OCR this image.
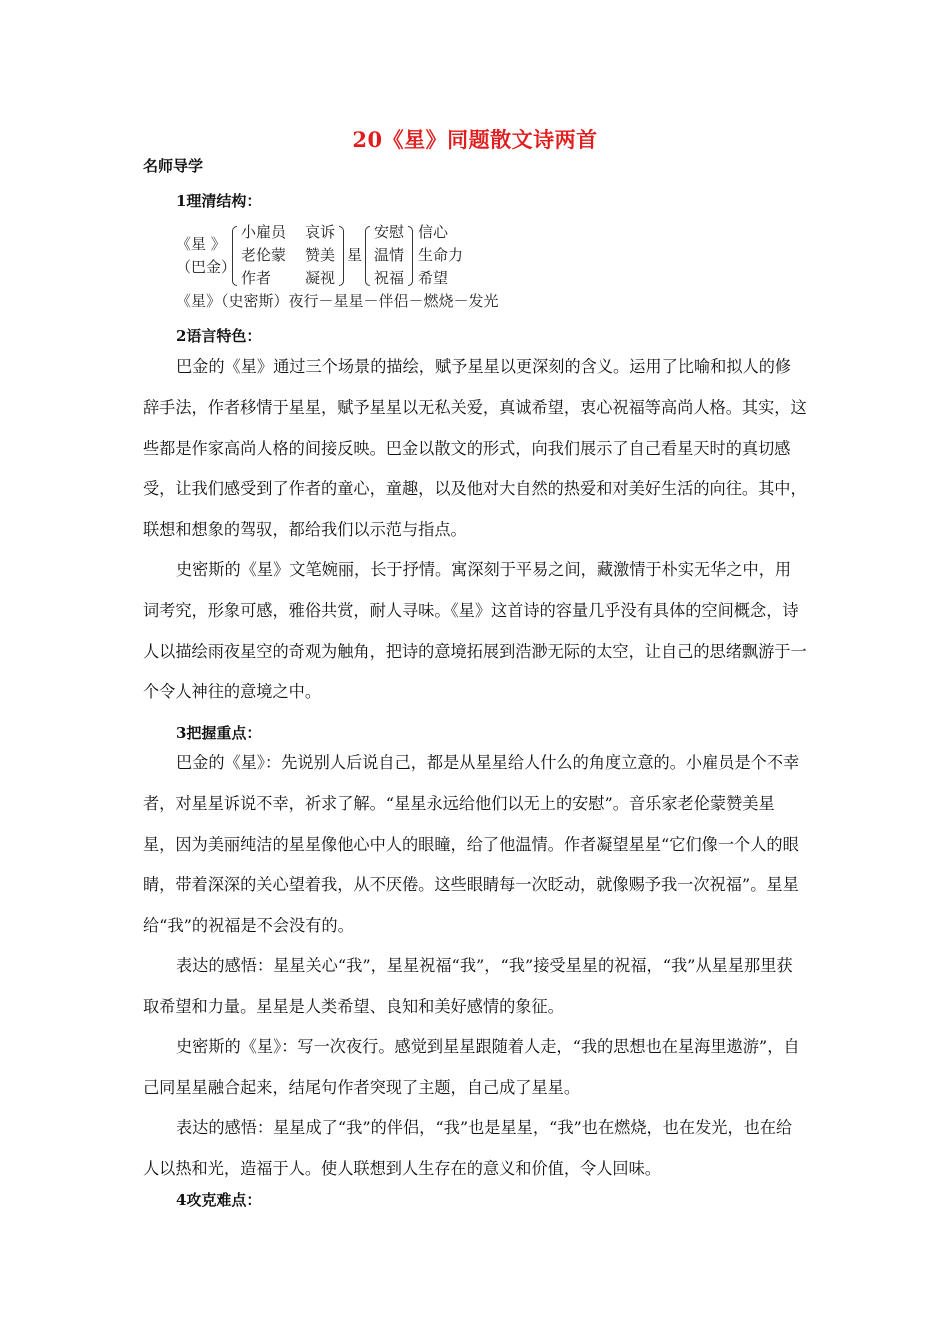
20《星》同题散文诗两首
名师导学
1理清结构：
《星 》
（巴金）
小雇员
老伦蒙
作者
哀诉
赞美
凝视
星
安慰
温情
祝福
信心
生命力
希望
《星》（史密斯）夜行－星星－伴侣－燃烧－发光
2语言特色：

巴金的《星》通过三个场景的描绘，赋予星星以更深刻的含义。运用了比喻和拟人的修辞手法，作者移情于星星，赋予星星以无私关爱，真诚希望，衷心祝福等高尚人格。其实，这些都是作家高尚人格的间接反映。巴金以散文的形式，向我们展示了自己看星天时的真切感受，让我们感受到了作者的童心，童趣，以及他对大自然的热爱和对美好生活的向往。其中，联想和想象的驾驭，都给我们以示范与指点。

史密斯的《星》文笔婉丽，长于抒情。寓深刻于平易之间，藏激情于朴实无华之中，用词考究，形象可感，雅俗共赏，耐人寻味。《星》这首诗的容量几乎没有具体的空间概念，诗人以描绘雨夜星空的奇观为触角，把诗的意境拓展到浩渺无际的太空，让自己的思绪飘游于一个令人神往的意境之中。

3把握重点：

巴金的《星》：先说别人后说自己，都是从星星给人什么的角度立意的。小雇员是个不幸者，对星星诉说不幸，祈求了解。“星星永远给他们以无上的安慰”。音乐家老伦蒙赞美星星，因为美丽纯洁的星星像他心中人的眼瞳，给了他温情。作者凝望星星“它们像一个人的眼睛，带着深深的关心望着我，从不厌倦。这些眼睛每一次眨动，就像赐予我一次祝福”。星星给“我”的祝福是不会没有的。

表达的感悟：星星关心“我”，星星祝福“我”，“我”接受星星的祝福，“我”从星星那里获取希望和力量。星星是人类希望、良知和美好感情的象征。

史密斯的《星》：写一次夜行。感觉到星星跟随着人走，“我的思想也在星海里遨游”，自己同星星融合起来，结尾句作者突现了主题，自己成了星星。

表达的感悟：星星成了“我”的伴侣，“我”也是星星，“我”也在燃烧，也在发光，也在给人以热和光，造福于人。使人联想到人生存在的意义和价值，令人回味。

4攻克难点：
